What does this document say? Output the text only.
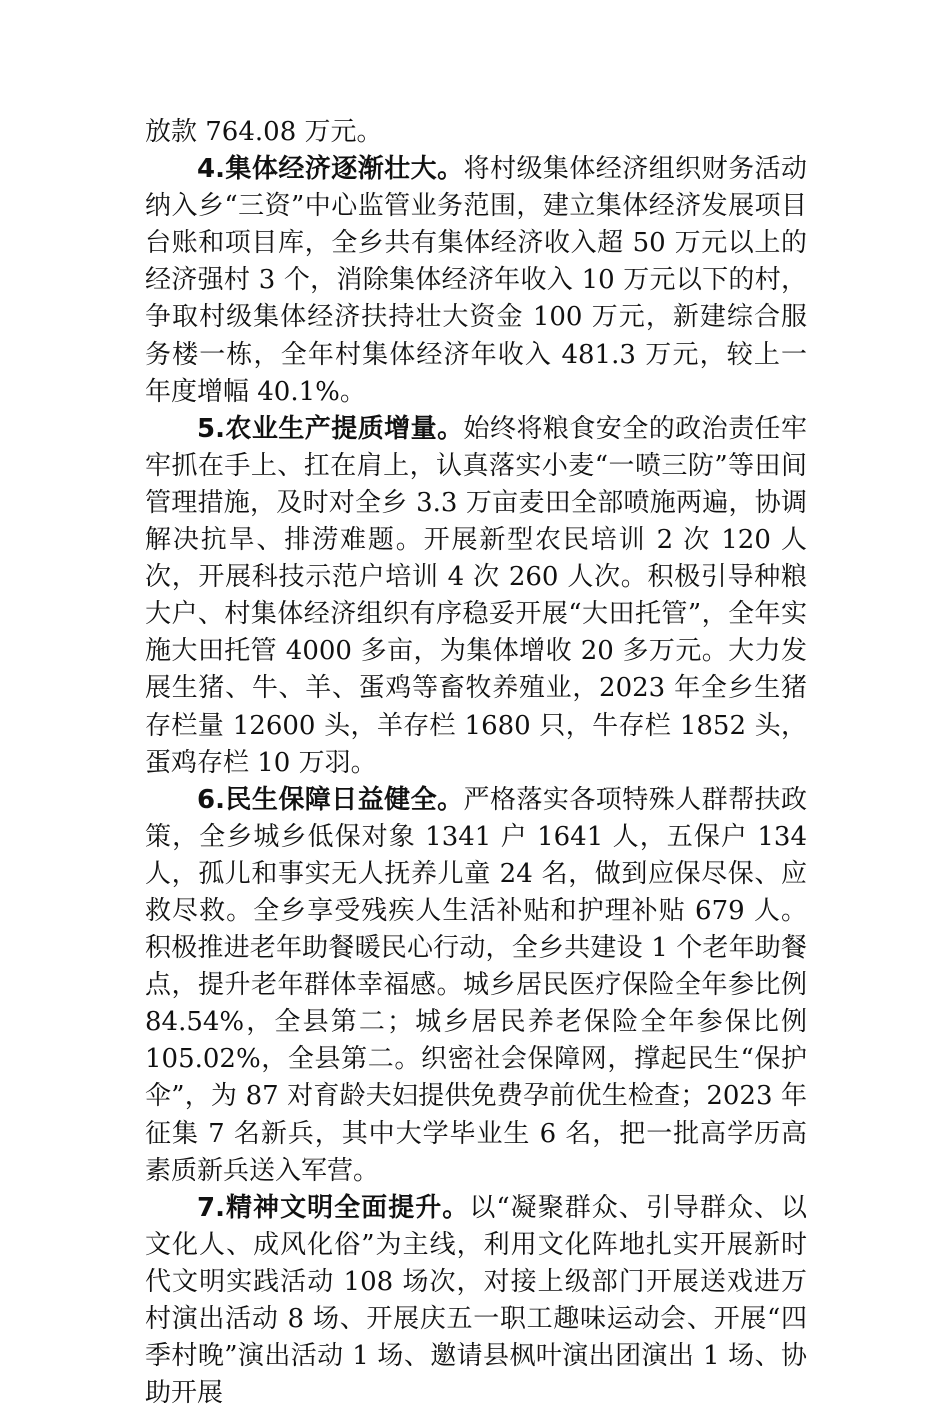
放款 764.08 万元。

4.集体经济逐渐壮大。将村级集体经济组织财务活动纳入乡“三资”中心监管业务范围，建立集体经济发展项目台账和项目库，全乡共有集体经济收入超 50 万元以上的经济强村 3 个，消除集体经济年收入 10 万元以下的村，争取村级集体经济扶持壮大资金 100 万元，新建综合服务楼一栋，全年村集体经济年收入 481.3 万元，较上一年度增幅 40.1%。

5.农业生产提质增量。始终将粮食安全的政治责任牢牢抓在手上、扛在肩上，认真落实小麦“一喷三防”等田间管理措施，及时对全乡 3.3 万亩麦田全部喷施两遍，协调解决抗旱、排涝难题。开展新型农民培训 2 次 120 人次，开展科技示范户培训 4 次 260 人次。积极引导种粮大户、村集体经济组织有序稳妥开展“大田托管”，全年实施大田托管 4000 多亩，为集体增收 20 多万元。大力发展生猪、牛、羊、蛋鸡等畜牧养殖业，2023 年全乡生猪存栏量 12600 头，羊存栏 1680 只，牛存栏 1852 头，蛋鸡存栏 10 万羽。

6.民生保障日益健全。严格落实各项特殊人群帮扶政策，全乡城乡低保对象 1341 户 1641 人，五保户 134 人，孤儿和事实无人抚养儿童 24 名，做到应保尽保、应救尽救。全乡享受残疾人生活补贴和护理补贴 679 人。积极推进老年助餐暖民心行动，全乡共建设 1 个老年助餐点，提升老年群体幸福感。城乡居民医疗保险全年参比例 84.54%，全县第二；城乡居民养老保险全年参保比例 105.02%，全县第二。织密社会保障网，撑起民生“保护伞”，为 87 对育龄夫妇提供免费孕前优生检查；2023 年征集 7 名新兵，其中大学毕业生 6 名，把一批高学历高素质新兵送入军营。

7.精神文明全面提升。以“凝聚群众、引导群众、以文化人、成风化俗”为主线，利用文化阵地扎实开展新时代文明实践活动 108 场次，对接上级部门开展送戏进万村演出活动 8 场、开展庆五一职工趣味运动会、开展“四季村晚”演出活动 1 场、邀请县枫叶演出团演出 1 场、协助开展
